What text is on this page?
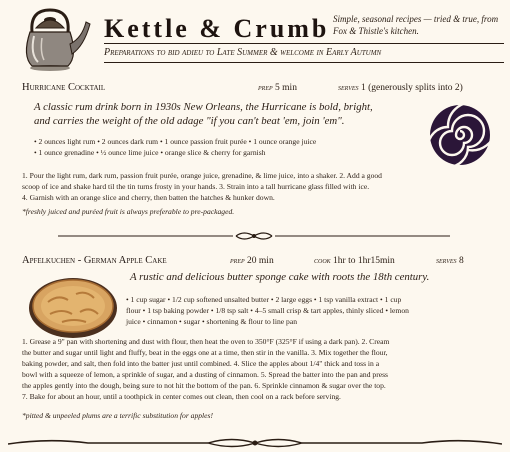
Kettle & Crumb Simple, seasonal recipes — tried & true, from Fox & Thistle's kitchen.
Preparations to bid adieu to Late Summer & welcome in Early Autumn
Hurricane Cocktail	prep 5 min	serves 1 (generously splits into 2)
A classic rum drink born in 1930s New Orleans, the Hurricane is bold, bright,
and carries the weight of the old adage "if you can't beat 'em, join 'em".
• 2 ounces light rum • 2 ounces dark rum • 1 ounce passion fruit purée • 1 ounce orange juice
• 1 ounce grenadine • ½ ounce lime juice • orange slice & cherry for garnish
1. Pour the light rum, dark rum, passion fruit purée, orange juice, grenadine, & lime juice, into a shaker. 2. Add a good
scoop of ice and shake hard til the tin turns frosty in your hands. 3. Strain into a tall hurricane glass filled with ice.
4. Garnish with an orange slice and cherry, then batten the hatches & hunker down.
*freshly juiced and puréed fruit is always preferable to pre-packaged.
Apfelkuchen - German Apple Cake	prep 20 min	cook 1hr to 1hr15min	serves 8
A rustic and delicious butter sponge cake with roots the 18th century.
• 1 cup sugar • 1/2 cup softened unsalted butter • 2 large eggs • 1 tsp vanilla extract • 1 cup
flour • 1 tsp baking powder • 1/8 tsp salt • 4–5 small crisp & tart apples, thinly sliced • lemon
juice • cinnamon • sugar • shortening & flour to line pan
1. Grease a 9" pan with shortening and dust with flour, then heat the oven to 350°F (325°F if using a dark pan). 2. Cream
the butter and sugar until light and fluffy, beat in the eggs one at a time, then stir in the vanilla. 3. Mix together the flour,
baking powder, and salt, then fold into the batter just until combined. 4. Slice the apples about 1/4" thick and toss in a
bowl with a squeeze of lemon, a sprinkle of sugar, and a dusting of cinnamon. 5. Spread the batter into the pan and press
the apples gently into the dough, being sure to not hit the bottom of the pan. 6. Sprinkle cinnamon & sugar over the top.
7. Bake for about an hour, until a toothpick in center comes out clean, then cool on a rack before serving.
*pitted & unpeeled plums are a terrific substitution for apples!
